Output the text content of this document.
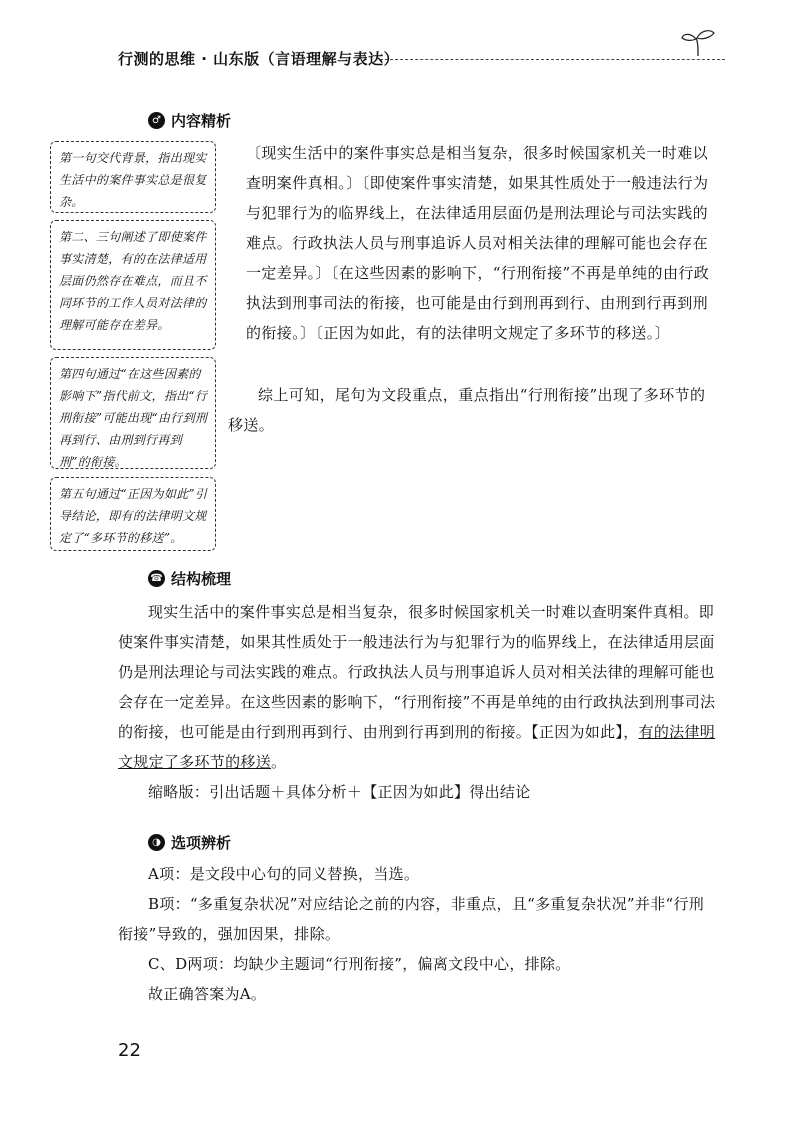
行测的思维 · 山东版（言语理解与表达）
♂ 内容精析
第一句交代背景，指出现实生活中的案件事实总是很复杂。
第二、三句阐述了即使案件事实清楚，有的在法律适用层面仍然存在难点，而且不同环节的工作人员对法律的理解可能存在差异。
第四句通过“在这些因素的影响下”指代前文，指出“行刑衔接”可能出现“由行到刑再到行、由刑到行再到刑”的衔接。
第五句通过“正因为如此”引导结论，即有的法律明文规定了“多环节的移送”。

〔现实生活中的案件事实总是相当复杂，很多时候国家机关一时难以查明案件真相。〕〔即使案件事实清楚，如果其性质处于一般违法行为与犯罪行为的临界线上，在法律适用层面仍是刑法理论与司法实践的难点。行政执法人员与刑事追诉人员对相关法律的理解可能也会存在一定差异。〕〔在这些因素的影响下，“行刑衔接”不再是单纯的由行政执法到刑事司法的衔接，也可能是由行到刑再到行、由刑到行再到刑的衔接。〕〔正因为如此，有的法律明文规定了多环节的移送。〕

综上可知，尾句为文段重点，重点指出“行刑衔接”出现了多环节的移送。

☎ 结构梳理

现实生活中的案件事实总是相当复杂，很多时候国家机关一时难以查明案件真相。即使案件事实清楚，如果其性质处于一般违法行为与犯罪行为的临界线上，在法律适用层面仍是刑法理论与司法实践的难点。行政执法人员与刑事追诉人员对相关法律的理解可能也会存在一定差异。在这些因素的影响下，“行刑衔接”不再是单纯的由行政执法到刑事司法的衔接，也可能是由行到刑再到行、由刑到行再到刑的衔接。【正因为如此】，有的法律明文规定了多环节的移送。

缩略版：引出话题＋具体分析＋【正因为如此】得出结论

◑ 选项辨析

A项：是文段中心句的同义替换，当选。

B项：“多重复杂状况”对应结论之前的内容，非重点，且“多重复杂状况”并非“行刑衔接”导致的，强加因果，排除。

C、D两项：均缺少主题词“行刑衔接”，偏离文段中心，排除。

故正确答案为A。

22
